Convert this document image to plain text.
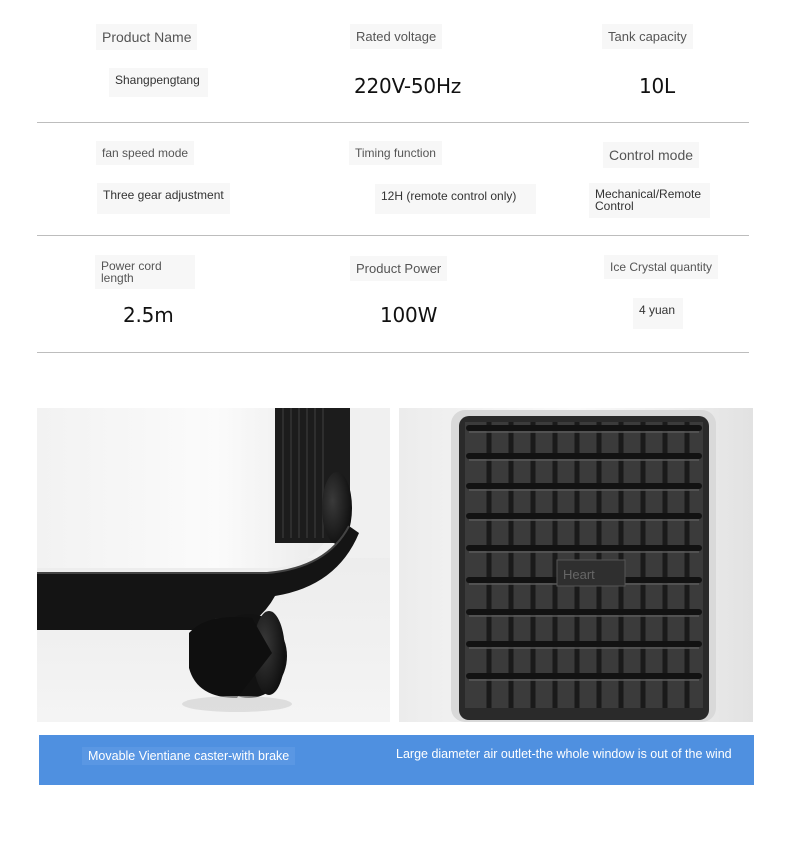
Product Name
Shangpengtang
Rated voltage
220V-50Hz
Tank capacity
10L
fan speed mode
Three gear adjustment
Timing function
12H (remote control only)
Control mode
Mechanical/Remote Control
Power cord length
2.5m
Product Power
100W
Ice Crystal quantity
4 yuan
Heart
Movable Vientiane caster-with brake	Large diameter air outlet-the whole window is out of the wind
